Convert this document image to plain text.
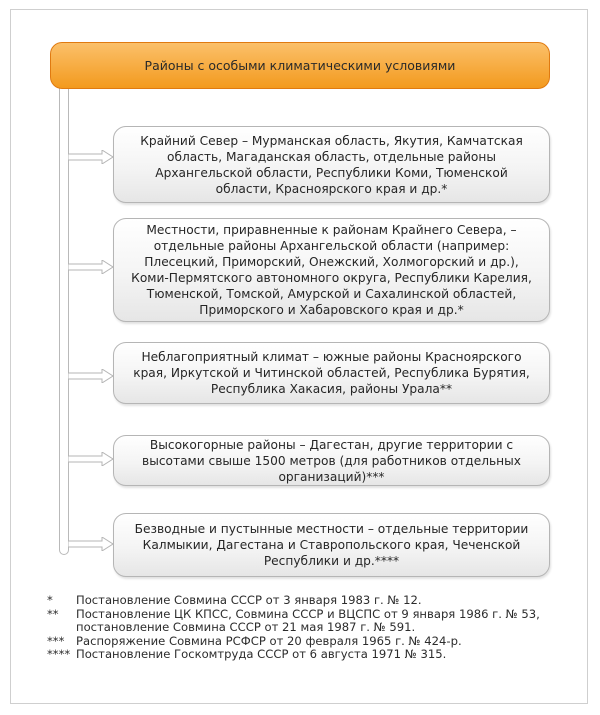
Районы с особыми климатическими условиями
Крайний Север – Мурманская область, Якутия, Камчатская область, Магаданская область, отдельные районы Архангельской области, Республики Коми, Тюменской области, Красноярского края и др.*
Местности, приравненные к районам Крайнего Севера, – отдельные районы Архангельской области (например: Плесецкий, Приморский, Онежский, Холмогорский и др.), Коми-Пермятского автономного округа, Республики Карелия, Тюменской, Томской, Амурской и Сахалинской областей, Приморского и Хабаровского края и др.*
Неблагоприятный климат – южные районы Красноярского края, Иркутской и Читинской областей, Республика Бурятия, Республика Хакасия, районы Урала**
Высокогорные районы – Дагестан, другие территории с высотами свыше 1500 метров (для работников отдельных организаций)***
Безводные и пустынные местности – отдельные территории Калмыкии, Дагестана и Ставропольского края, Чеченской Республики и др.****
*	Постановление Совмина СССР от 3 января 1983 г. № 12.
**	Постановление ЦК КПСС, Совмина СССР и ВЦСПС от 9 января 1986 г. № 53, постановление Совмина СССР от 21 мая 1987 г. № 591.
***	Распоряжение Совмина РСФСР от 20 февраля 1965 г. № 424-р.
**** Постановление Госкомтруда СССР от 6 августа 1971 № 315.
